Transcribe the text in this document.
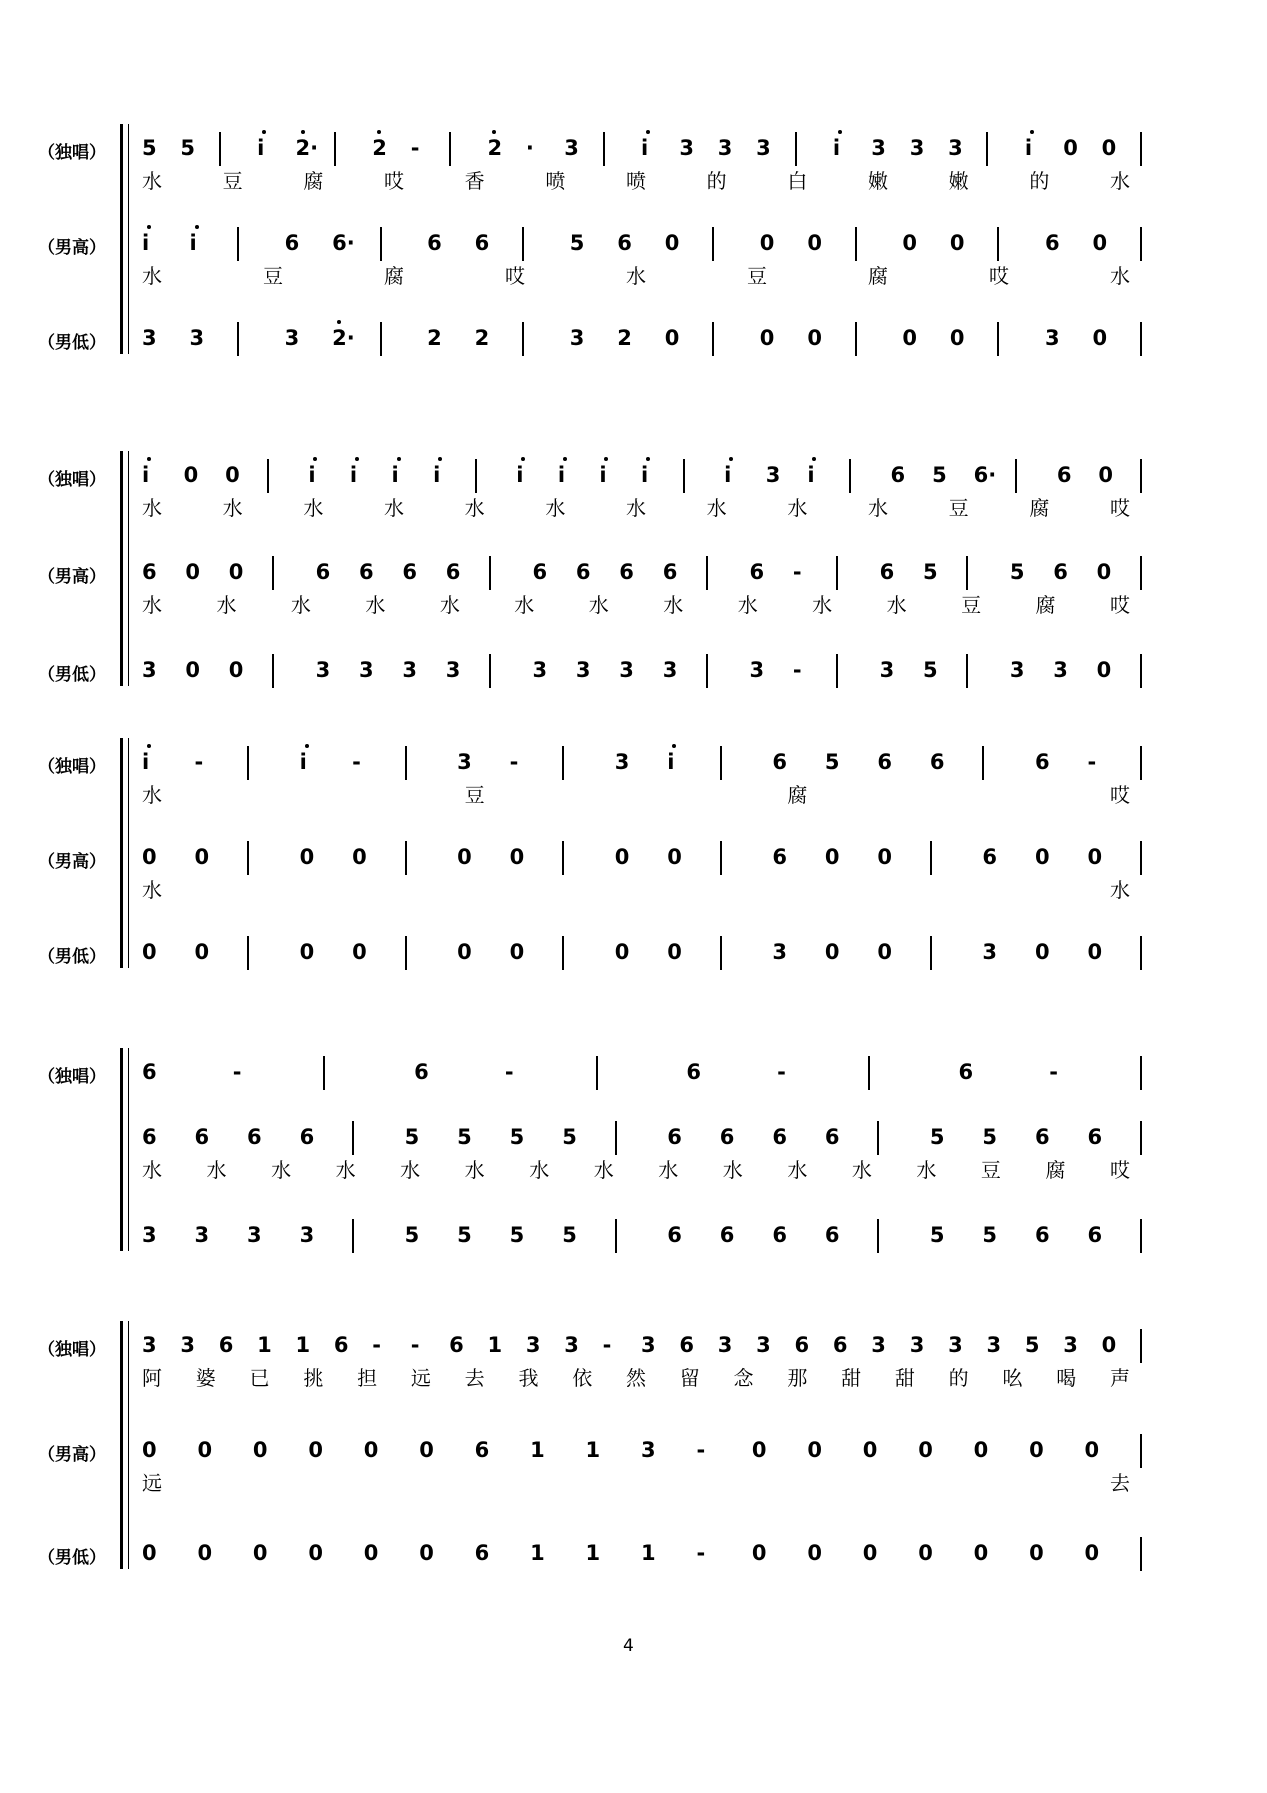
（独唱） 5 5	i 2·	2 -	2 · 3	i 3 3 3	i 3 3 3	i 0 0
水	豆	腐	哎	香	喷	喷	的	白	嫩	嫩	的	水
（男高） i i	6 6·	6 6	5 6 0	0 0	0 0	6 0
水	豆	腐	哎	水	豆	腐	哎	水
（男低） 3 3	3 2·	2 2	3 2 0	0 0	0 0	3 0
（独唱） i 0 0	i i i i	i i i i	i 3 i	6 5 6·	6 0
水	水	水	水	水	水	水	水	水	水	豆	腐	哎
（男高） 6 0 0	6 6 6 6	6 6 6 6	6 -	6 5	5 6 0
水	水	水	水	水	水	水	水	水	水	水	豆	腐	哎
（男低） 3 0 0	3 3 3 3	3 3 3 3	3 -	3 5	3 3 0
（独唱） i -	i -	3 -	3 i	6 5 6 6	6 -
水	豆	腐	哎
（男高） 0 0	0 0	0 0	0 0	6 0 0	6 0 0
水	水
（男低） 0 0	0 0	0 0	0 0	3 0 0	3 0 0
（独唱） 6	-	6	-	6	-	6	-
6 6 6 6	5 5 5 5	6 6 6 6	5 5 6 6
水 水 水 水 水 水 水 水 水 水 水 水 水 豆 腐 哎
3 3 3 3	5 5 5 5	6 6 6 6	5 5 6 6
（独唱） 3 3 6 1 1 6 - - 6 1 3 3 - 3 6 3 3 6 6 3 3 3 3 5 3 0
阿 婆 已 挑 担 远 去 我 依 然 留 念 那 甜 甜 的 吆 喝 声
（男高） 0 0 0 0 0 0 6 1 1 3 - 0 0 0 0 0 0 0
远	去
（男低） 0 0 0 0 0 0 6 1 1 1 - 0 0 0 0 0 0 0
4
